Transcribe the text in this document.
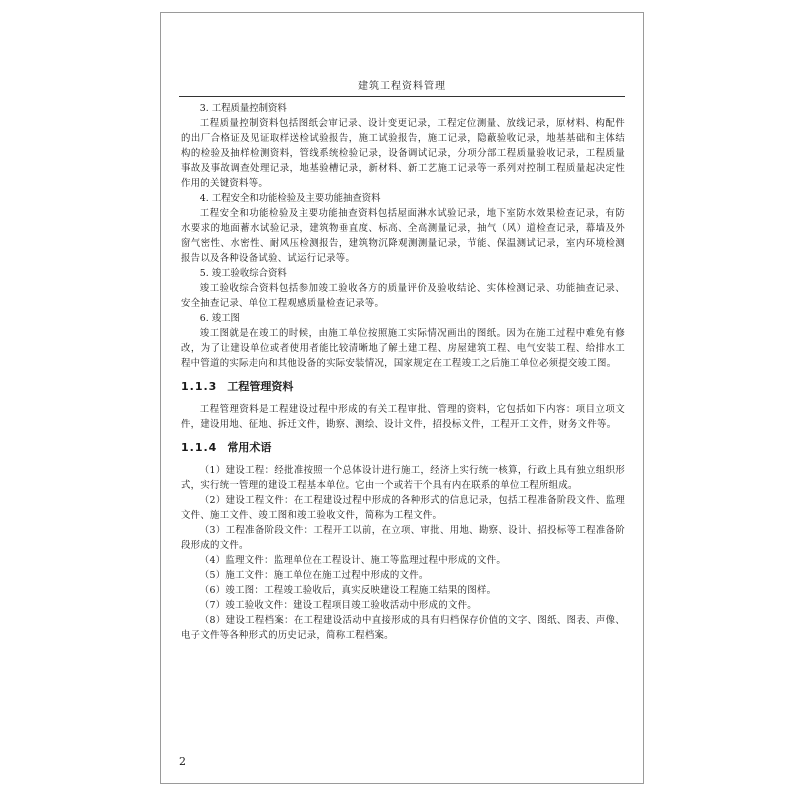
建筑工程资料管理

3. 工程质量控制资料

工程质量控制资料包括图纸会审记录、设计变更记录，工程定位测量、放线记录，原材料、构配件的出厂合格证及见证取样送检试验报告，施工试验报告，施工记录，隐蔽验收记录，地基基础和主体结构的检验及抽样检测资料，管线系统检验记录，设备调试记录，分项分部工程质量验收记录，工程质量事故及事故调查处理记录，地基验槽记录，新材料、新工艺施工记录等一系列对控制工程质量起决定性作用的关键资料等。

4. 工程安全和功能检验及主要功能抽查资料

工程安全和功能检验及主要功能抽查资料包括屋面淋水试验记录，地下室防水效果检查记录，有防水要求的地面蓄水试验记录，建筑物垂直度、标高、全高测量记录，抽气（风）道检查记录，幕墙及外窗气密性、水密性、耐风压检测报告，建筑物沉降观测测量记录，节能、保温测试记录，室内环境检测报告以及各种设备试验、试运行记录等。

5. 竣工验收综合资料

竣工验收综合资料包括参加竣工验收各方的质量评价及验收结论、实体检测记录、功能抽查记录、安全抽查记录、单位工程观感质量检查记录等。

6. 竣工图

竣工图就是在竣工的时候，由施工单位按照施工实际情况画出的图纸。因为在施工过程中难免有修改，为了让建设单位或者使用者能比较清晰地了解土建工程、房屋建筑工程、电气安装工程、给排水工程中管道的实际走向和其他设备的实际安装情况，国家规定在工程竣工之后施工单位必须提交竣工图。

1.1.3 工程管理资料

工程管理资料是工程建设过程中形成的有关工程审批、管理的资料，它包括如下内容：项目立项文件，建设用地、征地、拆迁文件，勘察、测绘、设计文件，招投标文件，工程开工文件，财务文件等。

1.1.4 常用术语

（1）建设工程：经批准按照一个总体设计进行施工，经济上实行统一核算，行政上具有独立组织形式，实行统一管理的建设工程基本单位。它由一个或若干个具有内在联系的单位工程所组成。

（2）建设工程文件：在工程建设过程中形成的各种形式的信息记录，包括工程准备阶段文件、监理文件、施工文件、竣工图和竣工验收文件，简称为工程文件。

（3）工程准备阶段文件：工程开工以前，在立项、审批、用地、勘察、设计、招投标等工程准备阶段形成的文件。

（4）监理文件：监理单位在工程设计、施工等监理过程中形成的文件。

（5）施工文件：施工单位在施工过程中形成的文件。

（6）竣工图：工程竣工验收后，真实反映建设工程施工结果的图样。

（7）竣工验收文件：建设工程项目竣工验收活动中形成的文件。

（8）建设工程档案：在工程建设活动中直接形成的具有归档保存价值的文字、图纸、图表、声像、电子文件等各种形式的历史记录，简称工程档案。

2
